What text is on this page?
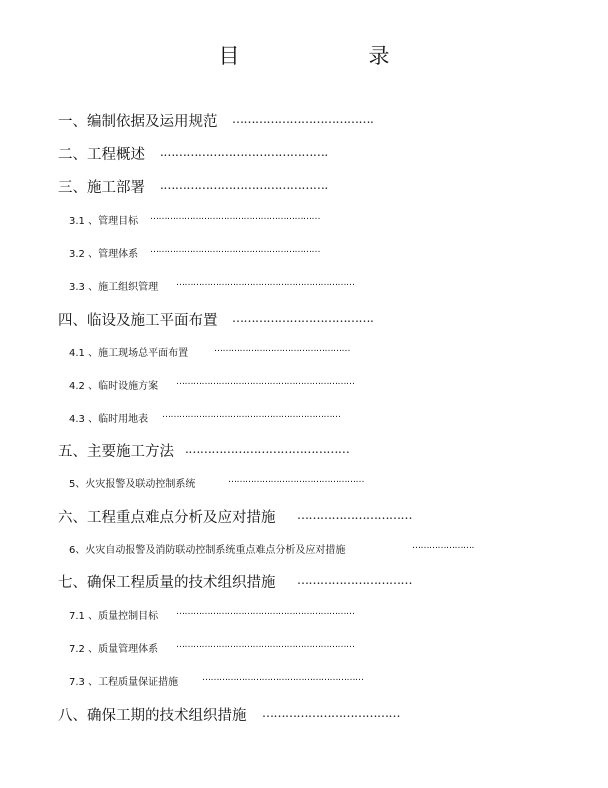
目　录
一、编制依据及运用规范 ……………………………….
二、工程概述 .…………………………………….
三、施工部署 .…………………………………….
3.1 、管理目标 ……………………………………………………
3.2 、管理体系 ……………………………………………………
3.3 、施工组织管理 ………………………………………………………
四、临设及施工平面布置 ……………………………….
4.1 、施工现场总平面布置	…………………………………………
4.2 、临时设施方案 ………………………………………………………
4.3 、临时用地表 ………………………………………………………
五、主要施工方法 .……………………………………
5、火灾报警及联动控制系统	…………………………………………
六、工程重点难点分析及应对措施 …………………………
6、火灾自动报警及消防联动控制系统重点难点分析及应对措施	………………….
七、确保工程质量的技术组织措施 …………………………
7.1 、质量控制目标 ………………………………………………………
7.2 、质量管理体系 ………………………………………………………
7.3 、工程质量保证措施	…………………………………………………
八、确保工期的技术组织措施 ………………………………
